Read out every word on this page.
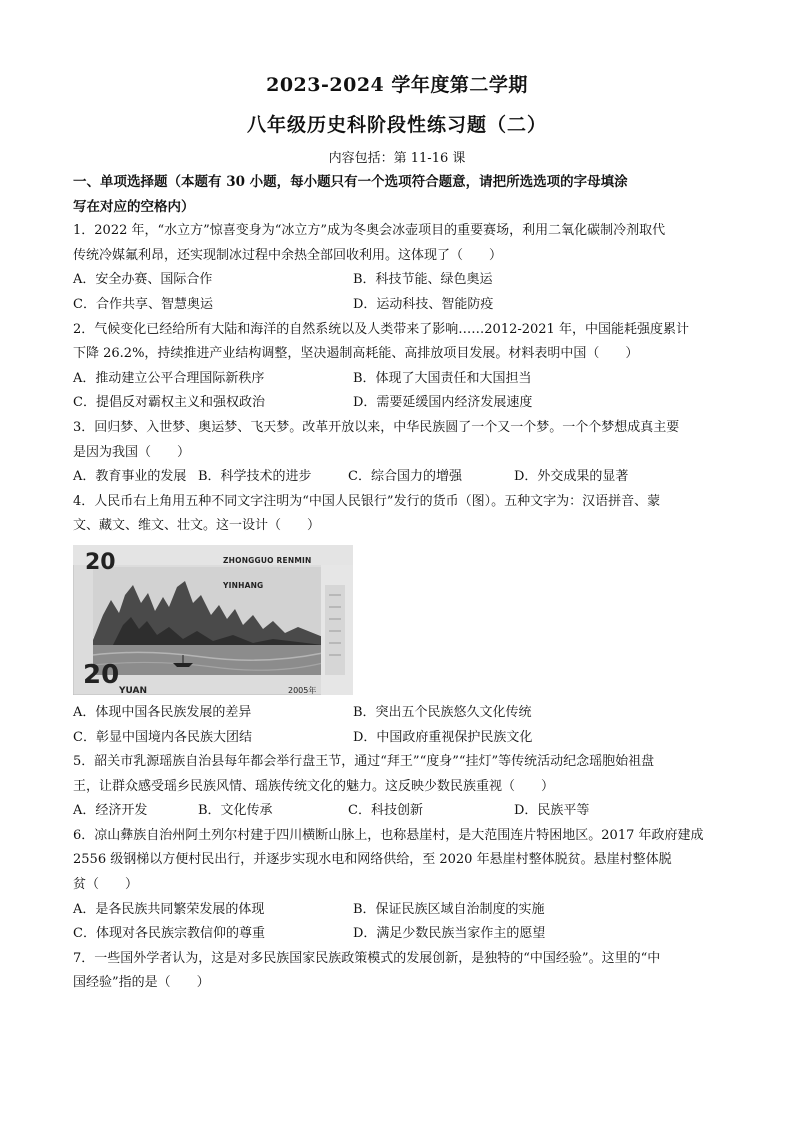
2023-2024 学年度第二学期
八年级历史科阶段性练习题（二）
内容包括：第 11-16 课
一、单项选择题（本题有 30 小题，每小题只有一个选项符合题意，请把所选选项的字母填涂
写在对应的空格内）
1．2022 年，“水立方”惊喜变身为“冰立方”成为冬奥会冰壶项目的重要赛场，利用二氧化碳制冷剂取代
传统冷媒氟利昂，还实现制冰过程中余热全部回收利用。这体现了（　　）
A．安全办赛、国际合作	B．科技节能、绿色奥运
C．合作共享、智慧奥运	D．运动科技、智能防疫
2．气候变化已经给所有大陆和海洋的自然系统以及人类带来了影响……2012-2021 年，中国能耗强度累计
下降 26.2%，持续推进产业结构调整，坚决遏制高耗能、高排放项目发展。材料表明中国（　　）
A．推动建立公平合理国际新秩序	B．体现了大国责任和大国担当
C．提倡反对霸权主义和强权政治	D．需要延缓国内经济发展速度
3．回归梦、入世梦、奥运梦、飞天梦。改革开放以来，中华民族圆了一个又一个梦。一个个梦想成真主要
是因为我国（　　）
A．教育事业的发展 B．科学技术的进步	C．综合国力的增强	D．外交成果的显著
4．人民币右上角用五种不同文字注明为“中国人民银行”发行的货币（图）。五种文字为：汉语拼音、蒙
文、藏文、维文、壮文。这一设计（　　）
20	ZHONGGUO RENMIN YINHANG
20
YUAN	2005年
A．体现中国各民族发展的差异	B．突出五个民族悠久文化传统
C．彰显中国境内各民族大团结	D．中国政府重视保护民族文化
5．韶关市乳源瑶族自治县每年都会举行盘王节，通过“拜王”“度身”“挂灯”等传统活动纪念瑶胞始祖盘
王，让群众感受瑶乡民族风情、瑶族传统文化的魅力。这反映少数民族重视（　　）
A．经济开发	B．文化传承	C．科技创新	D．民族平等
6．凉山彝族自治州阿土列尔村建于四川横断山脉上，也称悬崖村，是大范围连片特困地区。2017 年政府建成
2556 级钢梯以方便村民出行，并逐步实现水电和网络供给，至 2020 年悬崖村整体脱贫。悬崖村整体脱
贫（　　）
A．是各民族共同繁荣发展的体现	B．保证民族区域自治制度的实施
C．体现对各民族宗教信仰的尊重	D．满足少数民族当家作主的愿望
7．一些国外学者认为，这是对多民族国家民族政策模式的发展创新，是独特的“中国经验”。这里的“中
国经验”指的是（　　）
